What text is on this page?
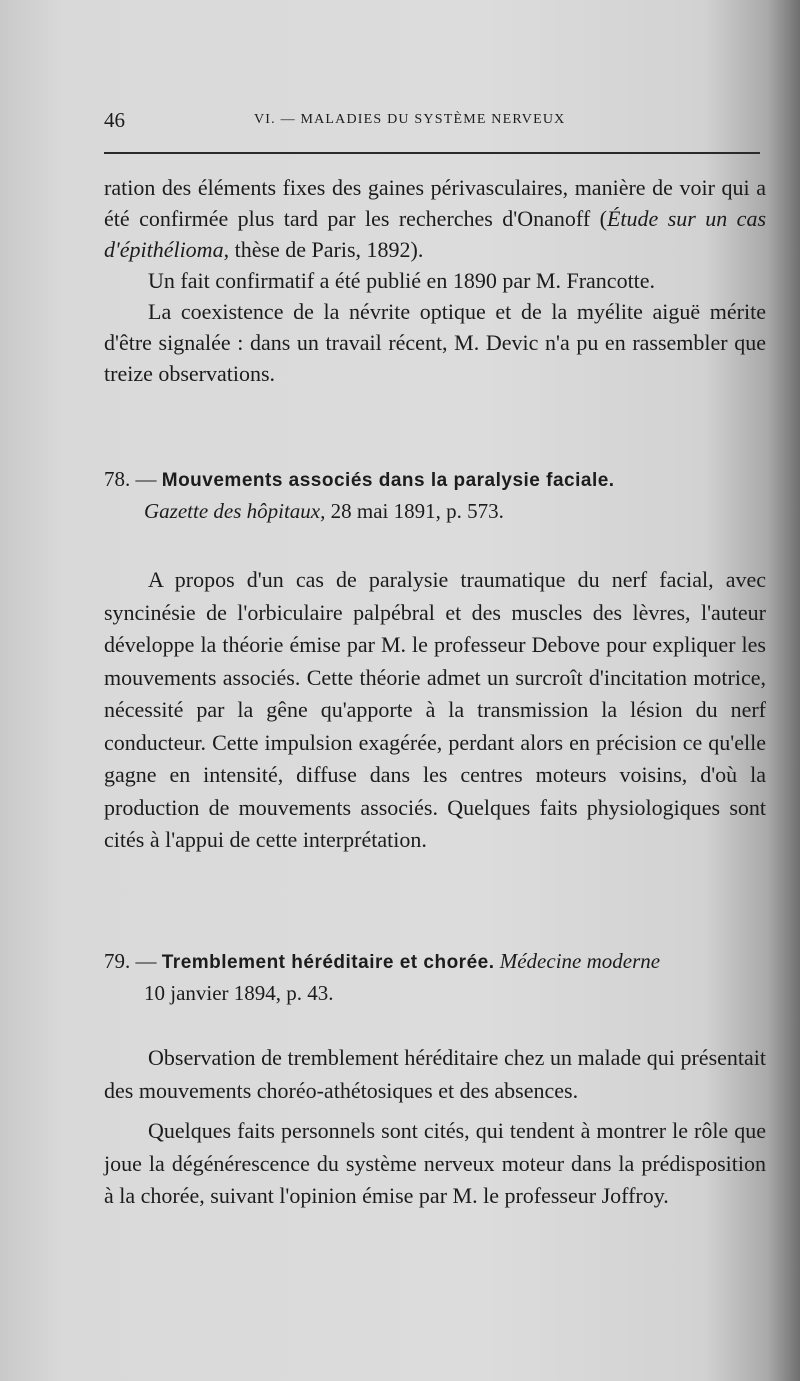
46	VI. — MALADIES DU SYSTÈME NERVEUX

ration des éléments fixes des gaines périvasculaires, manière de voir qui a été confirmée plus tard par les recherches d'Onanoff (Étude sur un cas d'épithélioma, thèse de Paris, 1892).

Un fait confirmatif a été publié en 1890 par M. Francotte.

La coexistence de la névrite optique et de la myélite aiguë mérite d'être signalée : dans un travail récent, M. Devic n'a pu en rassembler que treize observations.

78. — Mouvements associés dans la paralysie faciale.
Gazette des hôpitaux, 28 mai 1891, p. 573.

A propos d'un cas de paralysie traumatique du nerf facial, avec syncinésie de l'orbiculaire palpébral et des muscles des lèvres, l'auteur développe la théorie émise par M. le professeur Debove pour expliquer les mouvements associés. Cette théorie admet un surcroît d'incitation motrice, nécessité par la gêne qu'apporte à la transmission la lésion du nerf conducteur. Cette impulsion exagérée, perdant alors en précision ce qu'elle gagne en intensité, diffuse dans les centres moteurs voisins, d'où la production de mouvements associés. Quelques faits physiologiques sont cités à l'appui de cette interprétation.

79. — Tremblement héréditaire et chorée. Médecine moderne
10 janvier 1894, p. 43.

Observation de tremblement héréditaire chez un malade qui présentait des mouvements choréo-athétosiques et des absences.

Quelques faits personnels sont cités, qui tendent à montrer le rôle que joue la dégénérescence du système nerveux moteur dans la prédisposition à la chorée, suivant l'opinion émise par M. le professeur Joffroy.
